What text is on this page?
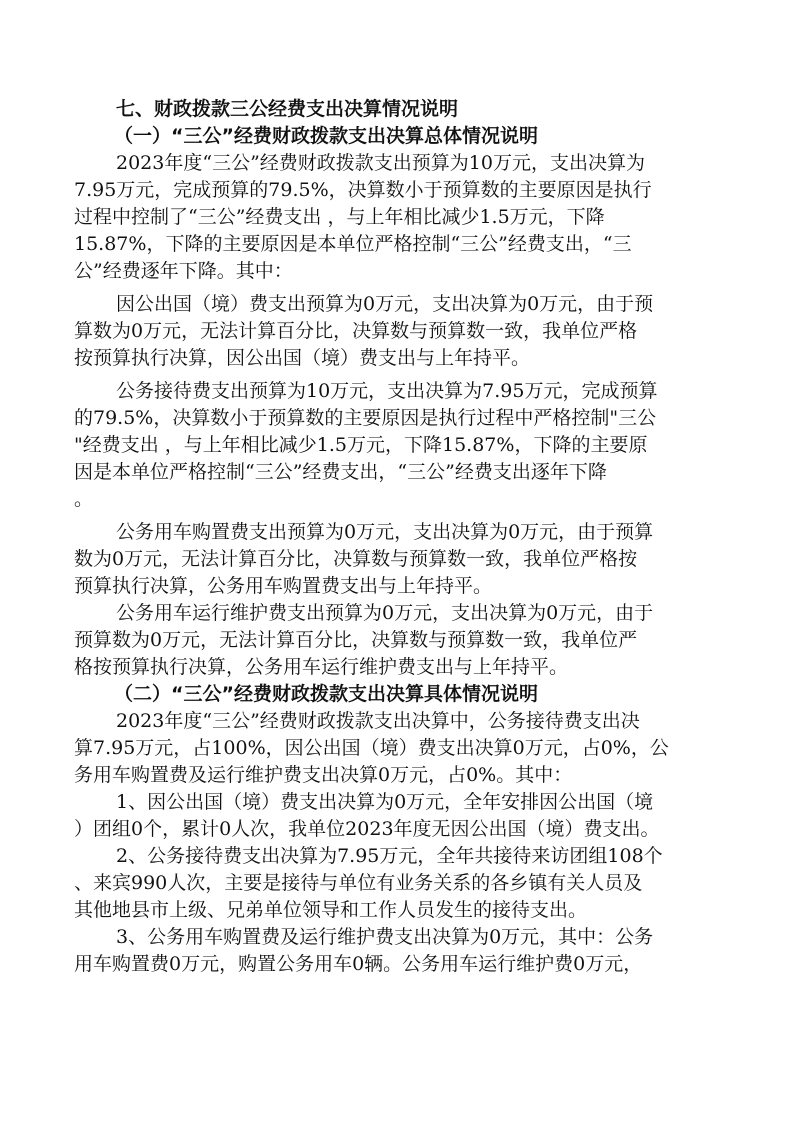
七、财政拨款三公经费支出决算情况说明
（一）“三公”经费财政拨款支出决算总体情况说明
2023年度“三公”经费财政拨款支出预算为10万元，支出决算为
7.95万元，完成预算的79.5%，决算数小于预算数的主要原因是执行
过程中控制了“三公”经费支出 ，与上年相比减少1.5万元，下降
15.87%，下降的主要原因是本单位严格控制“三公”经费支出，“三
公”经费逐年下降。其中：
因公出国（境）费支出预算为0万元，支出决算为0万元，由于预
算数为0万元，无法计算百分比，决算数与预算数一致，我单位严格
按预算执行决算，因公出国（境）费支出与上年持平。
公务接待费支出预算为10万元，支出决算为7.95万元，完成预算
的79.5%，决算数小于预算数的主要原因是执行过程中严格控制"三公
"经费支出 ，与上年相比减少1.5万元，下降15.87%，下降的主要原
因是本单位严格控制“三公”经费支出，“三公”经费支出逐年下降
。
公务用车购置费支出预算为0万元，支出决算为0万元，由于预算
数为0万元，无法计算百分比，决算数与预算数一致，我单位严格按
预算执行决算，公务用车购置费支出与上年持平。
公务用车运行维护费支出预算为0万元，支出决算为0万元，由于
预算数为0万元，无法计算百分比，决算数与预算数一致，我单位严
格按预算执行决算，公务用车运行维护费支出与上年持平。
（二）“三公”经费财政拨款支出决算具体情况说明
2023年度“三公”经费财政拨款支出决算中，公务接待费支出决
算7.95万元，占100%，因公出国（境）费支出决算0万元，占0%，公
务用车购置费及运行维护费支出决算0万元，占0%。其中：
1、因公出国（境）费支出决算为0万元，全年安排因公出国（境
）团组0个，累计0人次，我单位2023年度无因公出国（境）费支出。
2、公务接待费支出决算为7.95万元，全年共接待来访团组108个
、来宾990人次，主要是接待与单位有业务关系的各乡镇有关人员及
其他地县市上级、兄弟单位领导和工作人员发生的接待支出。
3、公务用车购置费及运行维护费支出决算为0万元，其中：公务
用车购置费0万元，购置公务用车0辆。公务用车运行维护费0万元，
